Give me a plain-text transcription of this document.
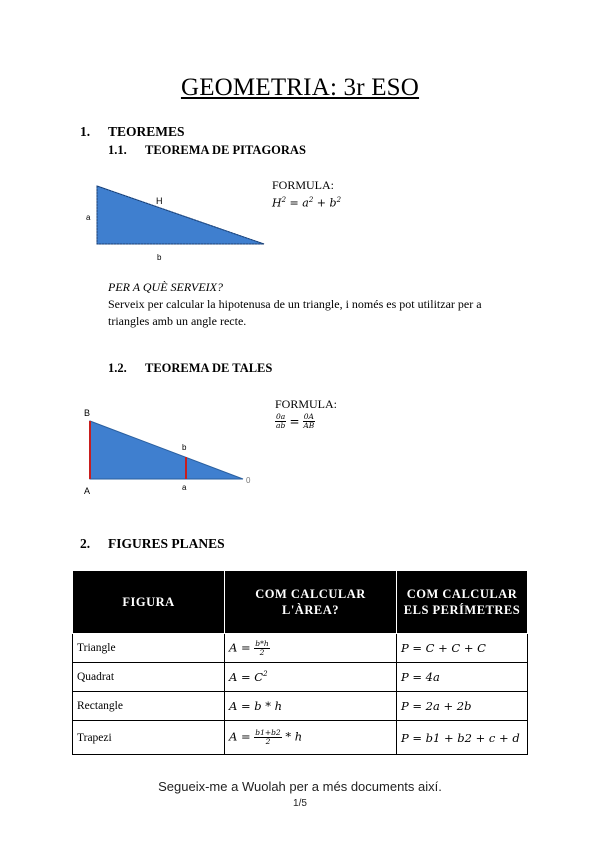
GEOMETRIA: 3r ESO
1. TEOREMES
1.1. TEOREMA DE PITAGORAS
a
H
b
FORMULA:
$H^2 = a^2 + b^2$
PER A QUÈ SERVEIX?
Serveix per calcular la hipotenusa de un triangle, i només es pot utilitzar per a
triangles amb un angle recte.
1.2. TEOREMA DE TALES
B
b
A	a
0
FORMULA:
$\frac{0a}{ab} = \frac{0A}{AB}$
2. FIGURES PLANES
FIGURA	COM CALCULAR L'ÀREA?	COM CALCULAR ELS PERÍMETRES
Triangle	$A = \frac{b*h}{2}$	P = C + C + C
Quadrat	$A = C^2$	P = 4a
Rectangle	A = b * h	P = 2a + 2b
Trapezi	$A = \frac{b1+b2}{2} * h$	P = b1 + b2 + c + d
Segueix-me a Wuolah per a més documents així.
1/5
